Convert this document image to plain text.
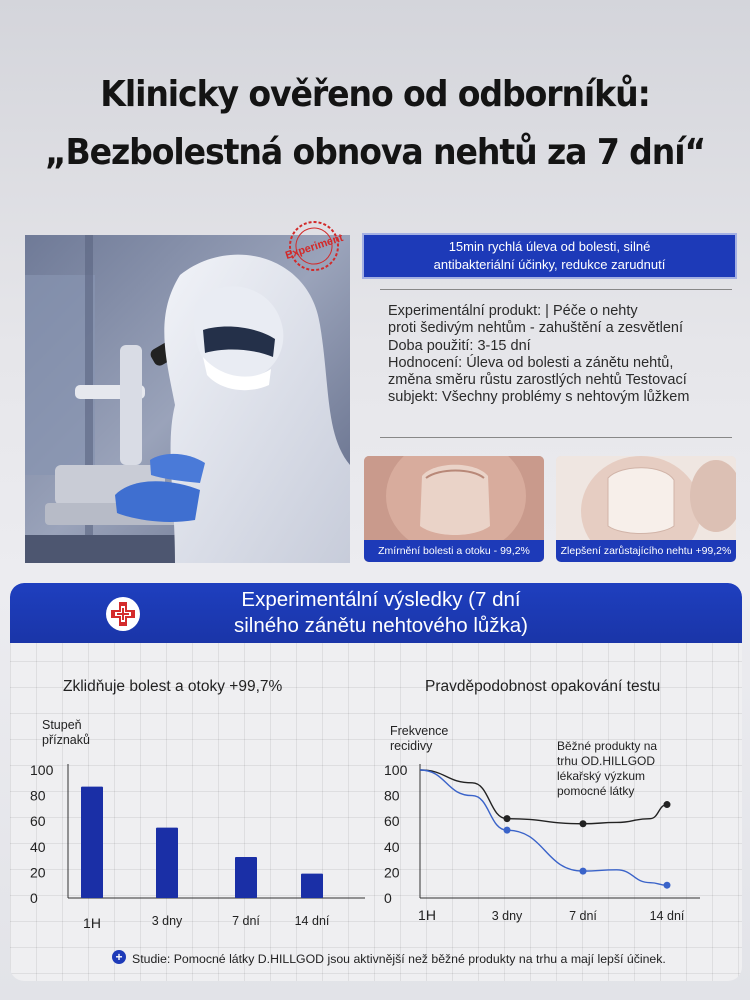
Klinicky ověřeno od odborníků:
„Bezbolestná obnova nehtů za 7 dní“
Experiment	15min rychlá úleva od bolesti, silné
antibakteriální účinky, redukce zarudnutí
Experimentální produkt: | Péče o nehty
proti šedivým nehtům - zahuštění a zesvětlení
Doba použití: 3-15 dní
Hodnocení: Úleva od bolesti a zánětu nehtů,
změna směru růstu zarostlých nehtů Testovací
subjekt: Všechny problémy s nehtovým lůžkem
Zmírnění bolesti a otoku - 99,2%	Zlepšení zarůstajícího nehtu +99,2%
Experimentální výsledky (7 dní
silného zánětu nehtového lůžka)
Zklidňuje bolest a otoky +99,7%	Pravděpodobnost opakování testu
Stupeň
příznaků
Frekvence
recidivy
0
20
40
60
80
100
1H	3 dny	7 dní	14 dní
0
20
40
60
80
100
1H	3 dny	7 dní	14 dní
Běžné produkty na trhu OD.HILLGOD lékařský výzkum pomocné látky
+ Studie: Pomocné látky D.HILLGOD jsou aktivnější než běžné produkty na trhu a mají lepší účinek.
